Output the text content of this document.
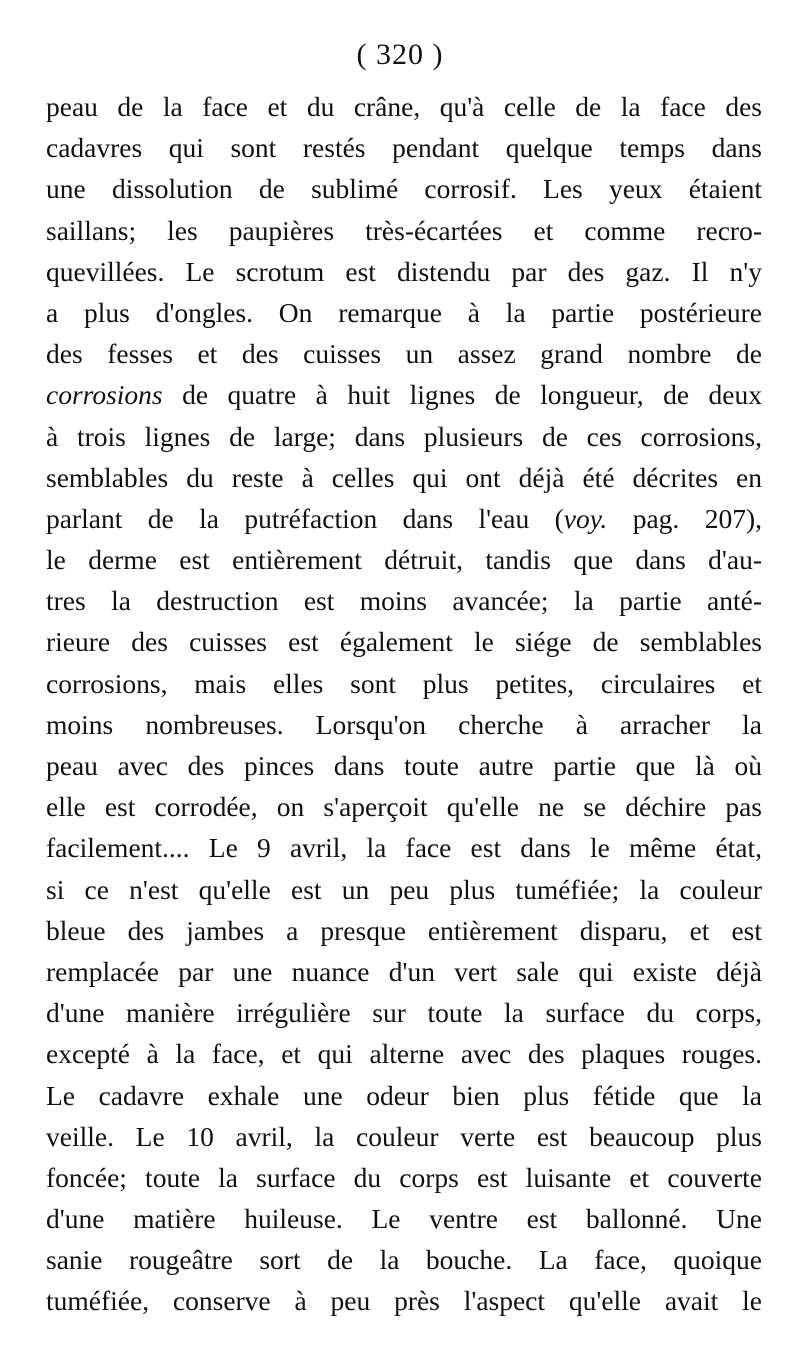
( 320 )
peau de la face et du crâne, qu'à celle de la face des
cadavres qui sont restés pendant quelque temps dans
une dissolution de sublimé corrosif. Les yeux étaient
saillans; les paupières très-écartées et comme recro-
quevillées. Le scrotum est distendu par des gaz. Il n'y
a plus d'ongles. On remarque à la partie postérieure
des fesses et des cuisses un assez grand nombre de
corrosions de quatre à huit lignes de longueur, de deux
à trois lignes de large; dans plusieurs de ces corrosions,
semblables du reste à celles qui ont déjà été décrites en
parlant de la putréfaction dans l'eau (voy. pag. 207),
le derme est entièrement détruit, tandis que dans d'au-
tres la destruction est moins avancée; la partie anté-
rieure des cuisses est également le siége de semblables
corrosions, mais elles sont plus petites, circulaires et
moins nombreuses. Lorsqu'on cherche à arracher la
peau avec des pinces dans toute autre partie que là où
elle est corrodée, on s'aperçoit qu'elle ne se déchire pas
facilement.... Le 9 avril, la face est dans le même état,
si ce n'est qu'elle est un peu plus tuméfiée; la couleur
bleue des jambes a presque entièrement disparu, et est
remplacée par une nuance d'un vert sale qui existe déjà
d'une manière irrégulière sur toute la surface du corps,
excepté à la face, et qui alterne avec des plaques rouges.
Le cadavre exhale une odeur bien plus fétide que la
veille. Le 10 avril, la couleur verte est beaucoup plus
foncée; toute la surface du corps est luisante et couverte
d'une matière huileuse. Le ventre est ballonné. Une
sanie rougeâtre sort de la bouche. La face, quoique
tuméfiée, conserve à peu près l'aspect qu'elle avait le
